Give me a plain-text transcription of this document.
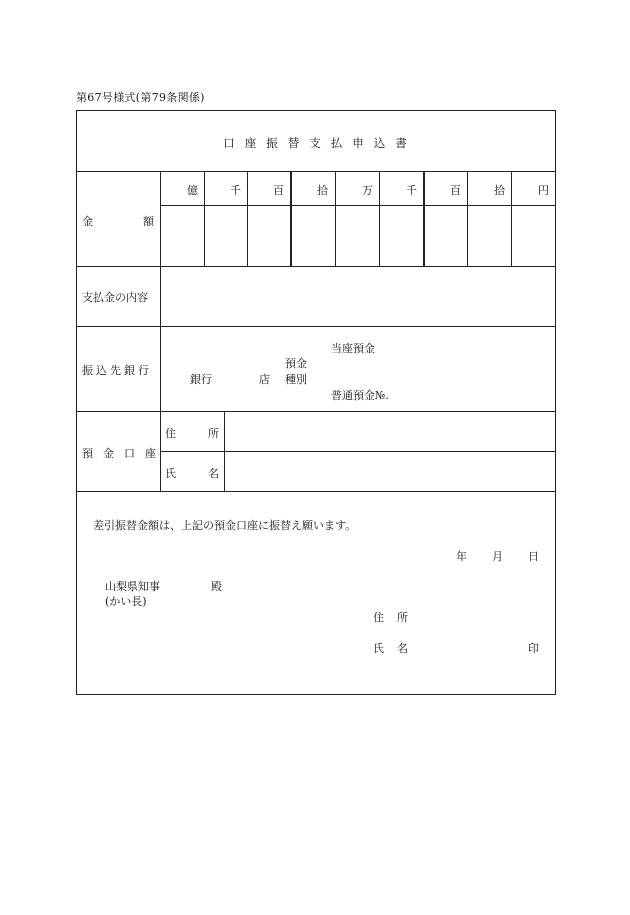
第67号様式(第79条関係)
口座振替支払申込書
金	額
億	千	百	拾	万	千	百	拾	円
支払金の内容
振込先銀行
当座預金
預金
銀行	店 種別
普通預金№.
預金口座
住	所
氏	名
差引振替金額は、上記の預金口座に振替え願います。
年 月 日
山梨県知事	殿
(かい長)
住 所
氏 名	印
